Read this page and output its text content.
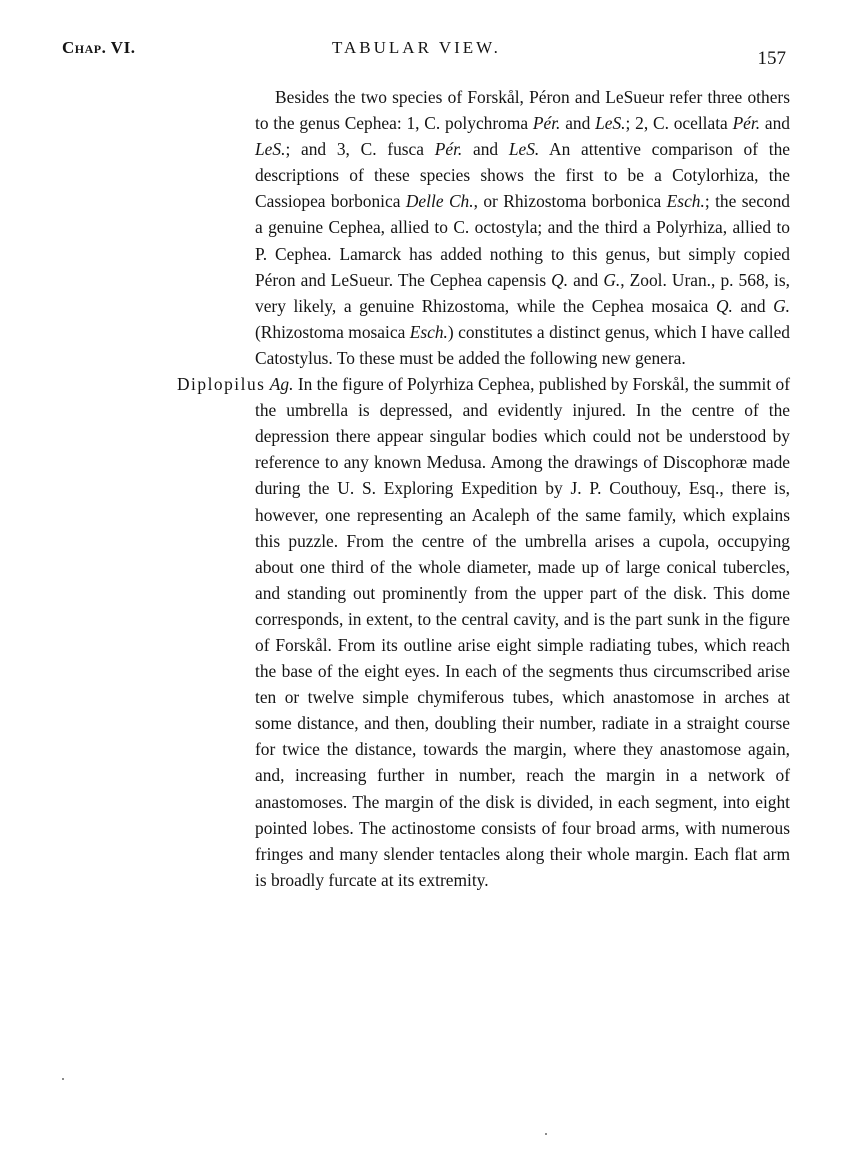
Chap. VI.	TABULAR VIEW.
157

Besides the two species of Forskål, Péron and LeSueur refer three others to the genus Cephea: 1, C. polychroma Pér. and LeS.; 2, C. ocellata Pér. and LeS.; and 3, C. fusca Pér. and LeS. An attentive comparison of the descriptions of these species shows the first to be a Cotylorhiza, the Cassiopea borbonica Delle Ch., or Rhizostoma borbonica Esch.; the second a genuine Cephea, allied to C. octostyla; and the third a Polyrhiza, allied to P. Cephea. Lamarck has added nothing to this genus, but simply copied Péron and LeSueur. The Cephea capensis Q. and G., Zool. Uran., p. 568, is, very likely, a genuine Rhizostoma, while the Cephea mosaica Q. and G. (Rhizostoma mosaica Esch.) constitutes a distinct genus, which I have called Catostylus. To these must be added the following new genera.

Diplopilus Ag. In the figure of Polyrhiza Cephea, published by Forskål, the summit of the umbrella is depressed, and evidently injured. In the centre of the depression there appear singular bodies which could not be understood by reference to any known Medusa. Among the drawings of Discophoræ made during the U. S. Exploring Expedition by J. P. Couthouy, Esq., there is, however, one representing an Acaleph of the same family, which explains this puzzle. From the centre of the umbrella arises a cupola, occupying about one third of the whole diameter, made up of large conical tubercles, and standing out prominently from the upper part of the disk. This dome corresponds, in extent, to the central cavity, and is the part sunk in the figure of Forskål. From its outline arise eight simple radiating tubes, which reach the base of the eight eyes. In each of the segments thus circumscribed arise ten or twelve simple chymiferous tubes, which anastomose in arches at some distance, and then, doubling their number, radiate in a straight course for twice the distance, towards the margin, where they anastomose again, and, increasing further in number, reach the margin in a network of anastomoses. The margin of the disk is divided, in each segment, into eight pointed lobes. The actinostome consists of four broad arms, with numerous fringes and many slender tentacles along their whole margin. Each flat arm is broadly furcate at its extremity.
